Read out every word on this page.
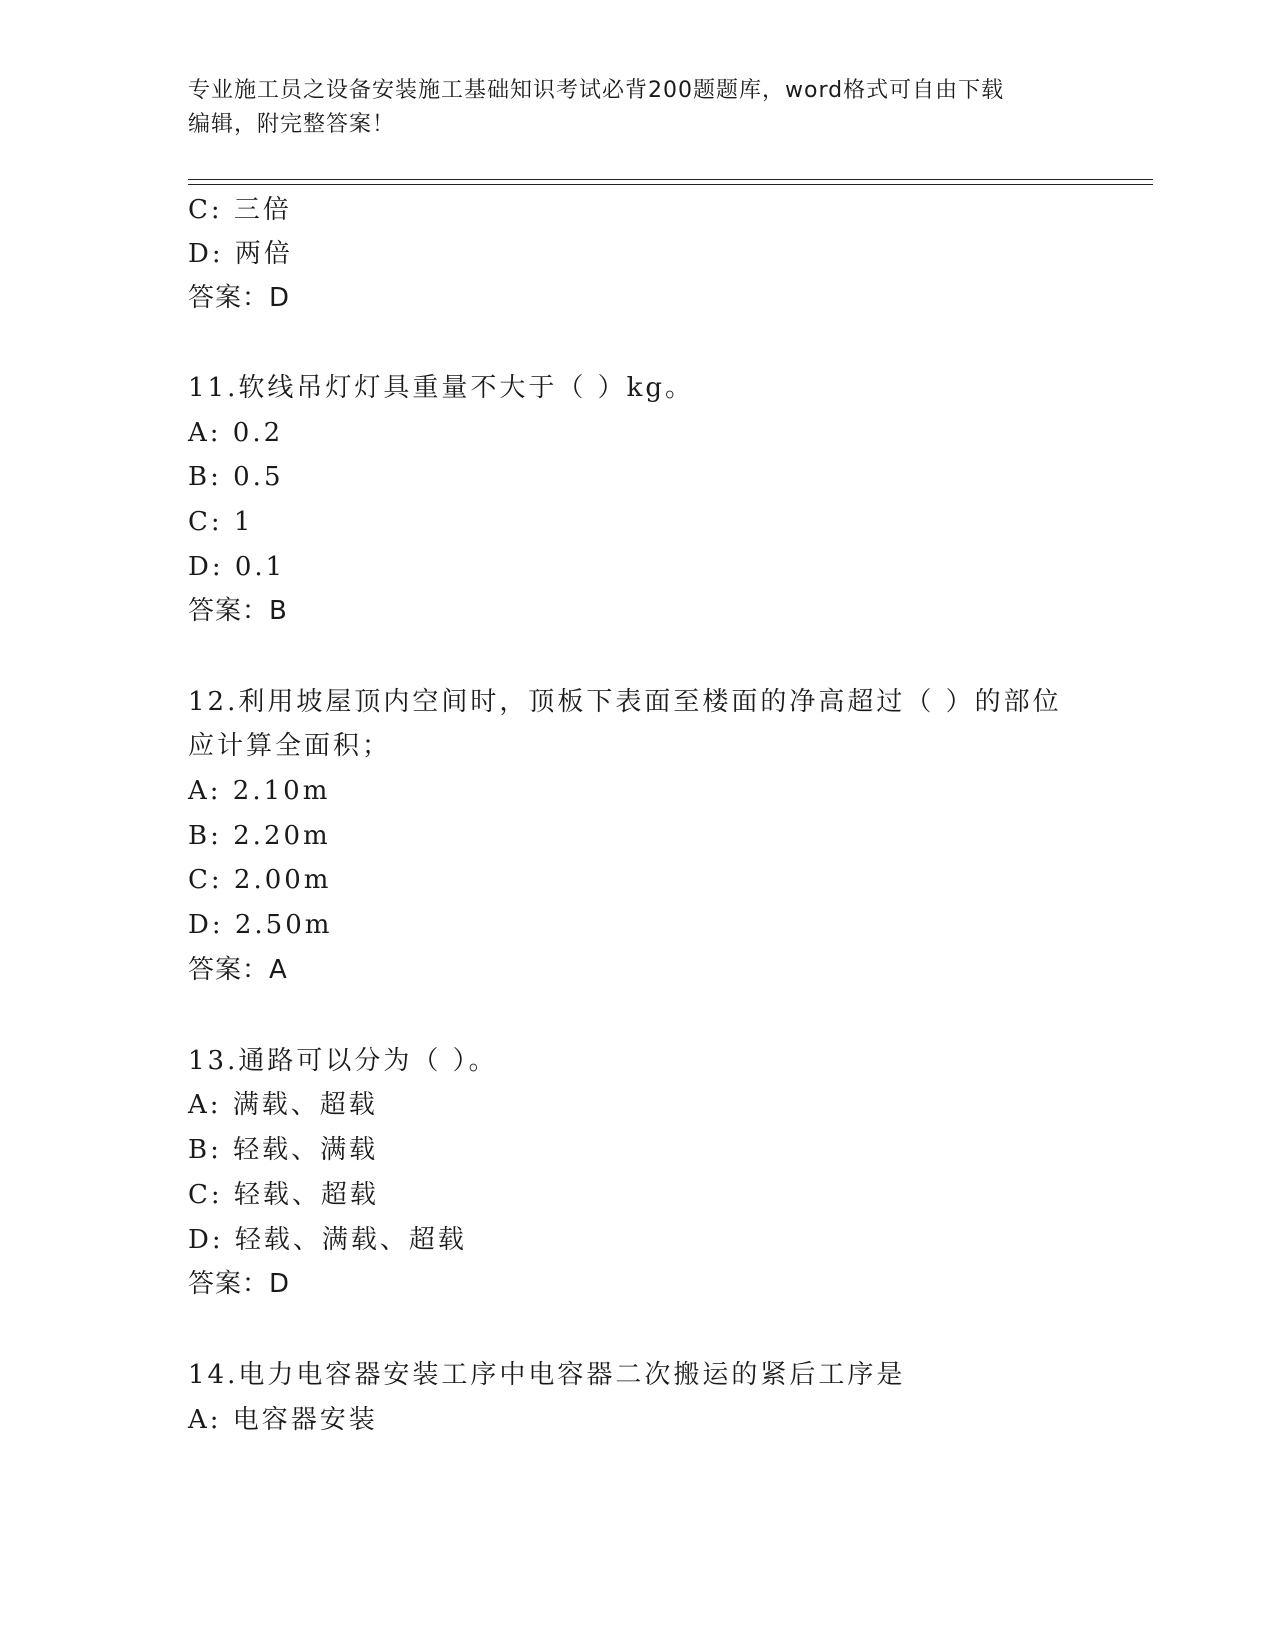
专业施工员之设备安装施工基础知识考试必背200题题库，word格式可自由下载
编辑，附完整答案！
C: 三倍
D: 两倍
答案：D
11.软线吊灯灯具重量不大于（ ）kg。
A: 0.2
B: 0.5
C: 1
D: 0.1
答案：B
12.利用坡屋顶内空间时，顶板下表面至楼面的净高超过（ ）的部位
应计算全面积；
A: 2.10m
B: 2.20m
C: 2.00m
D: 2.50m
答案：A
13.通路可以分为（ ）。
A: 满载、超载
B: 轻载、满载
C: 轻载、超载
D: 轻载、满载、超载
答案：D
14.电力电容器安装工序中电容器二次搬运的紧后工序是
A: 电容器安装
